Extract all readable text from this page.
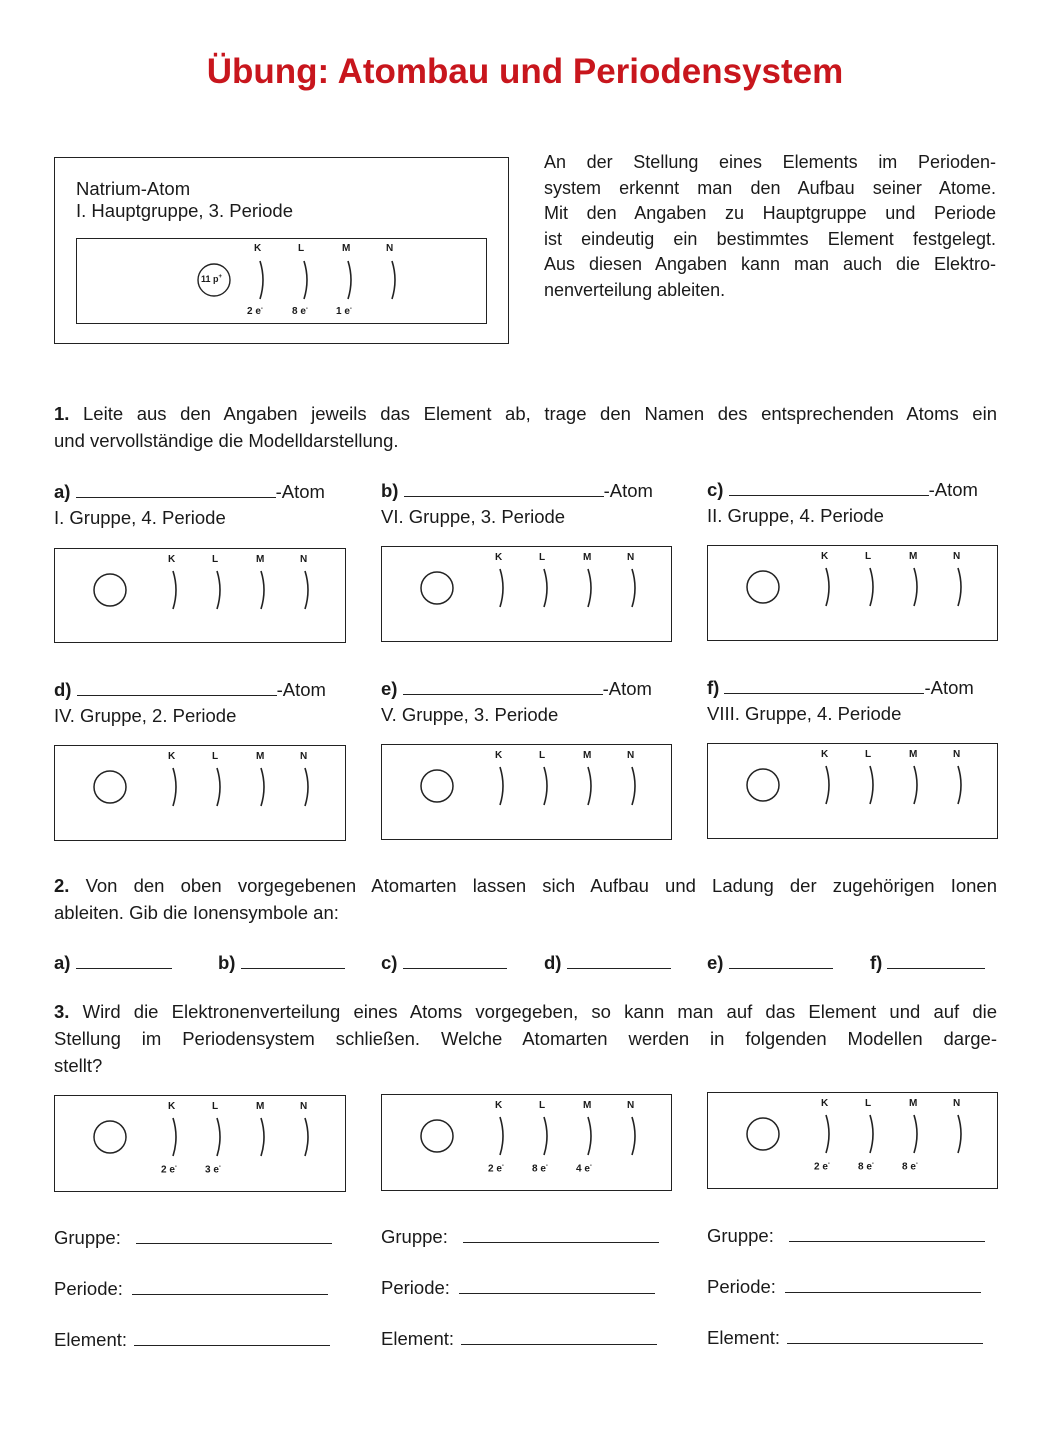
Übung: Atombau und Periodensystem
Natrium-Atom
I. Hauptgruppe, 3. Periode
11 p+
K	L	M	N
2 e-	8 e-	1 e-
An der Stellung eines Elements im Perioden-
system erkennt man den Aufbau seiner Atome.
Mit den Angaben zu Hauptgruppe und Periode
ist eindeutig ein bestimmtes Element festgelegt.
Aus diesen Angaben kann man auch die Elektro-
nenverteilung ableiten.
1. Leite aus den Angaben jeweils das Element ab, trage den Namen des entsprechenden Atoms ein
und vervollständige die Modelldarstellung.
a)	-Atom
I. Gruppe, 4. Periode
b)	-Atom
VI. Gruppe, 3. Periode
c)	-Atom
II. Gruppe, 4. Periode
K	L	M	N	K	L	M	N	K	L	M	N
d)	-Atom
IV. Gruppe, 2. Periode
e)	-Atom
V. Gruppe, 3. Periode
f)	-Atom
VIII. Gruppe, 4. Periode
K	L	M	N	K	L	M	N	K	L	M	N
2. Von den oben vorgegebenen Atomarten lassen sich Aufbau und Ladung der zugehörigen Ionen
ableiten. Gib die Ionensymbole an:
a)	b)	c)	d)	e)	f)
3. Wird die Elektronenverteilung eines Atoms vorgegeben, so kann man auf das Element und auf die
Stellung im Periodensystem schließen. Welche Atomarten werden in folgenden Modellen darge-
stellt?
K	L	M	N
2 e-	3 e-
K	L	M	N
2 e-	8 e-	4 e-
K	L	M	N
2 e-	8 e-	8 e-
Gruppe:
Periode:
Element:
Gruppe:
Periode:
Element:
Gruppe:
Periode:
Element:
